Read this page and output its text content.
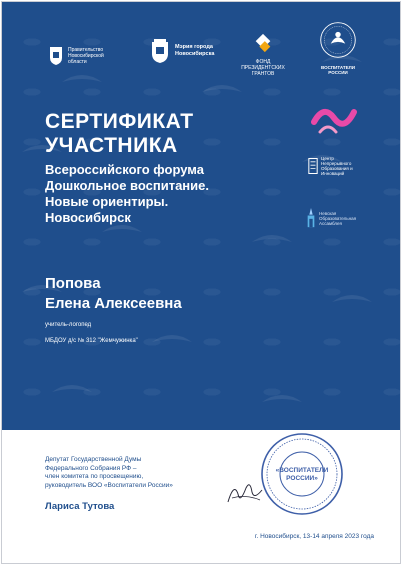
Правительство
Новосибирской
области
Мэрия города
Новосибирска
ФОНД
ПРЕЗИДЕНТСКИХ
ГРАНТОВ
ВОСПИТАТЕЛИ
РОССИИ
Центр
Непрерывного
Образования и
Инноваций
Невская
Образовательная
Ассамблея
СЕРТИФИКАТ
УЧАСТНИКА
Всероссийского форума
Дошкольное воспитание.
Новые ориентиры.
Новосибирск
Попова
Елена Алексеевна
учитель-логопед
МБДОУ д/с № 312 "Жемчужинка"
Депутат Государственной Думы
Федерального Собрания РФ –
член комитета по просвещению,
руководитель ВОО «Воспитатели России»
Лариса Тутова
«ВОСПИТАТЕЛИ
РОССИИ»
г. Новосибирск, 13-14 апреля 2023 года
